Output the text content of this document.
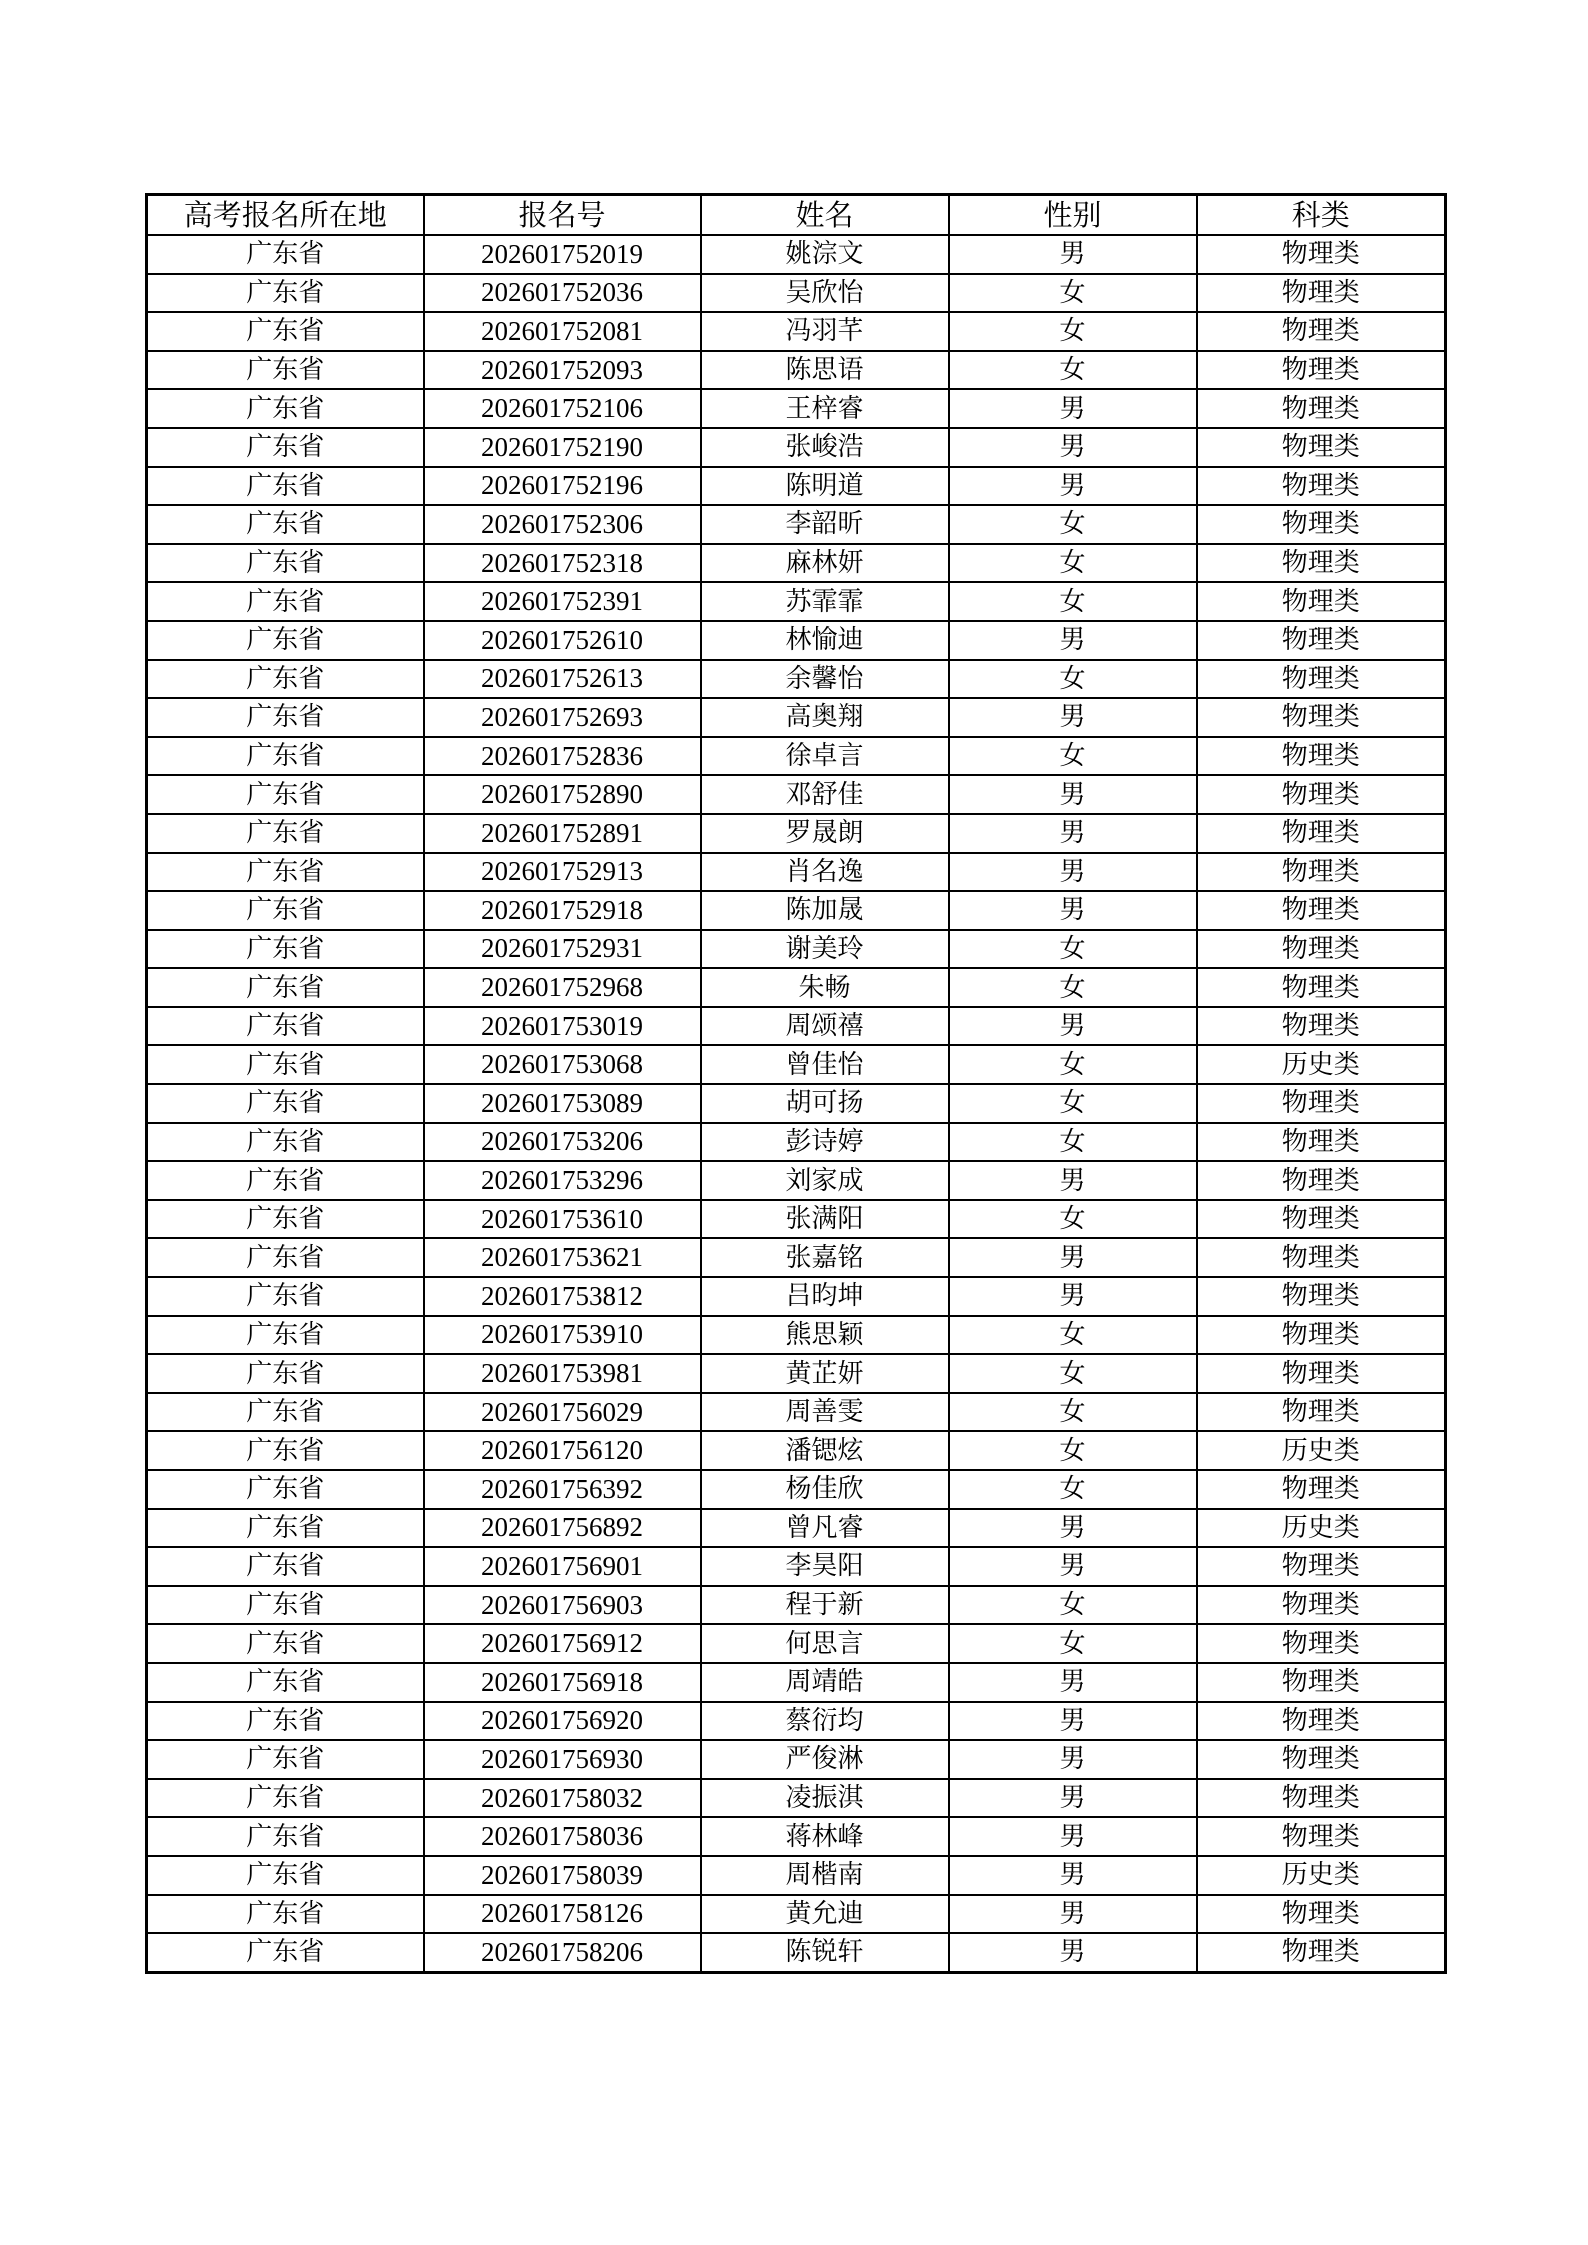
高考报名所在地	报名号	姓名	性别	科类
广东省	202601752019	姚淙文	男	物理类
广东省	202601752036	吴欣怡	女	物理类
广东省	202601752081	冯羽芊	女	物理类
广东省	202601752093	陈思语	女	物理类
广东省	202601752106	王梓睿	男	物理类
广东省	202601752190	张峻浩	男	物理类
广东省	202601752196	陈明道	男	物理类
广东省	202601752306	李韶昕	女	物理类
广东省	202601752318	麻林妍	女	物理类
广东省	202601752391	苏霏霏	女	物理类
广东省	202601752610	林愉迪	男	物理类
广东省	202601752613	余馨怡	女	物理类
广东省	202601752693	高奥翔	男	物理类
广东省	202601752836	徐卓言	女	物理类
广东省	202601752890	邓舒佳	男	物理类
广东省	202601752891	罗晟朗	男	物理类
广东省	202601752913	肖名逸	男	物理类
广东省	202601752918	陈加晟	男	物理类
广东省	202601752931	谢美玲	女	物理类
广东省	202601752968	朱畅	女	物理类
广东省	202601753019	周颂禧	男	物理类
广东省	202601753068	曾佳怡	女	历史类
广东省	202601753089	胡可扬	女	物理类
广东省	202601753206	彭诗婷	女	物理类
广东省	202601753296	刘家成	男	物理类
广东省	202601753610	张满阳	女	物理类
广东省	202601753621	张嘉铭	男	物理类
广东省	202601753812	吕昀坤	男	物理类
广东省	202601753910	熊思颖	女	物理类
广东省	202601753981	黄芷妍	女	物理类
广东省	202601756029	周善雯	女	物理类
广东省	202601756120	潘锶炫	女	历史类
广东省	202601756392	杨佳欣	女	物理类
广东省	202601756892	曾凡睿	男	历史类
广东省	202601756901	李昊阳	男	物理类
广东省	202601756903	程于新	女	物理类
广东省	202601756912	何思言	女	物理类
广东省	202601756918	周靖皓	男	物理类
广东省	202601756920	蔡衍均	男	物理类
广东省	202601756930	严俊淋	男	物理类
广东省	202601758032	凌振淇	男	物理类
广东省	202601758036	蒋林峰	男	物理类
广东省	202601758039	周楷南	男	历史类
广东省	202601758126	黄允迪	男	物理类
广东省	202601758206	陈锐轩	男	物理类
